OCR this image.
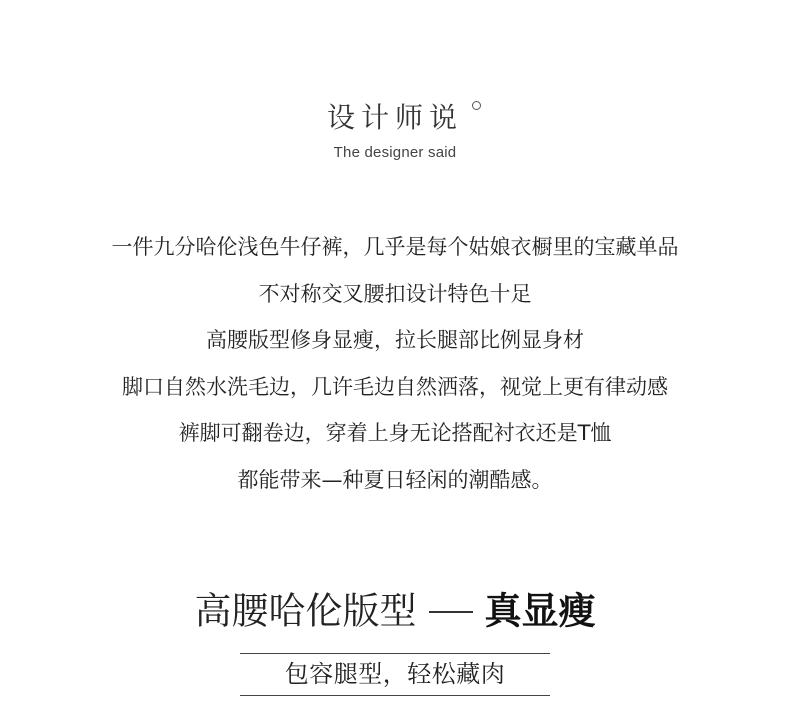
设计师说
The designer said
一件九分哈伦浅色牛仔裤，几乎是每个姑娘衣橱里的宝藏单品
不对称交叉腰扣设计特色十足
高腰版型修身显瘦，拉长腿部比例显身材
脚口自然水洗毛边，几许毛边自然洒落，视觉上更有律动感
裤脚可翻卷边，穿着上身无论搭配衬衣还是T恤
都能带来—种夏日轻闲的潮酷感。
高腰哈伦版型 真显瘦
包容腿型，轻松藏肉
